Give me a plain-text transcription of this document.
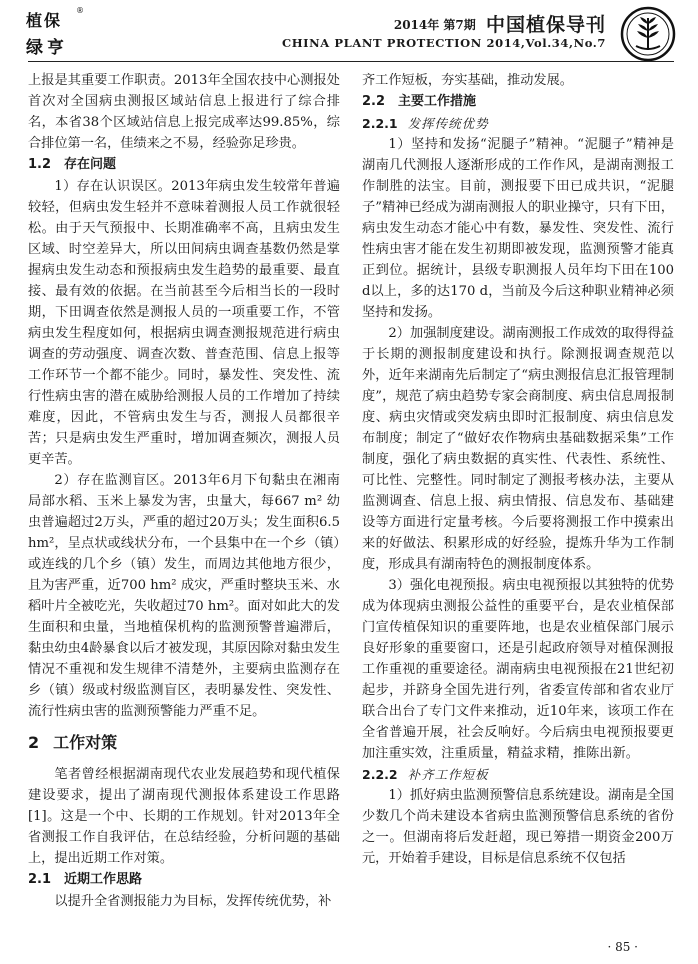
植保
绿亨
®
2014年 第7期 中国植保导刊
CHINA PLANT PROTECTION 2014,Vol.34,No.7

上报是其重要工作职责。2013年全国农技中心测报处首次对全国病虫测报区域站信息上报进行了综合排名，本省38个区域站信息上报完成率达99.85%，综合排位第一名，佳绩来之不易，经验弥足珍贵。

1.2　存在问题

1）存在认识误区。2013年病虫发生较常年普遍较轻，但病虫发生轻并不意味着测报人员工作就很轻松。由于天气预报中、长期准确率不高，且病虫发生区域、时空差异大，所以田间病虫调查基数仍然是掌握病虫发生动态和预报病虫发生趋势的最重要、最直接、最有效的依据。在当前甚至今后相当长的一段时期，下田调查依然是测报人员的一项重要工作，不管病虫发生程度如何，根据病虫调查测报规范进行病虫调查的劳动强度、调查次数、普查范围、信息上报等工作环节一个都不能少。同时，暴发性、突发性、流行性病虫害的潜在威胁给测报人员的工作增加了持续难度，因此，不管病虫发生与否，测报人员都很辛苦；只是病虫发生严重时，增加调查频次，测报人员更辛苦。

2）存在监测盲区。2013年6月下旬黏虫在湘南局部水稻、玉米上暴发为害，虫量大，每667 m² 幼虫普遍超过2万头，严重的超过20万头；发生面积6.5 hm²，呈点状或线状分布，一个县集中在一个乡（镇）或连线的几个乡（镇）发生，而周边其他地方很少，且为害严重，近700 hm² 成灾，严重时整块玉米、水稻叶片全被吃光，失收超过70 hm²。面对如此大的发生面积和虫量，当地植保机构的监测预警普遍滞后，黏虫幼虫4龄暴食以后才被发现，其原因除对黏虫发生情况不重视和发生规律不清楚外，主要病虫监测存在乡（镇）级或村级监测盲区，表明暴发性、突发性、流行性病虫害的监测预警能力严重不足。

2 工作对策

笔者曾经根据湖南现代农业发展趋势和现代植保建设要求，提出了湖南现代测报体系建设工作思路[1]。这是一个中、长期的工作规划。针对2013年全省测报工作自我评估，在总结经验，分析问题的基础上，提出近期工作对策。

2.1　近期工作思路

以提升全省测报能力为目标，发挥传统优势，补

齐工作短板，夯实基础，推动发展。

2.2　主要工作措施
2.2.1 发挥传统优势

1）坚持和发扬“泥腿子”精神。“泥腿子”精神是湖南几代测报人逐渐形成的工作作风，是湖南测报工作制胜的法宝。目前，测报要下田已成共识，“泥腿子”精神已经成为湖南测报人的职业操守，只有下田，病虫发生动态才能心中有数，暴发性、突发性、流行性病虫害才能在发生初期即被发现，监测预警才能真正到位。据统计，县级专职测报人员年均下田在100 d以上，多的达170 d，当前及今后这种职业精神必须坚持和发扬。

2）加强制度建设。湖南测报工作成效的取得得益于长期的测报制度建设和执行。除测报调查规范以外，近年来湖南先后制定了“病虫测报信息汇报管理制度”，规范了病虫趋势专家会商制度、病虫信息周报制度、病虫灾情或突发病虫即时汇报制度、病虫信息发布制度；制定了“做好农作物病虫基础数据采集”工作制度，强化了病虫数据的真实性、代表性、系统性、可比性、完整性。同时制定了测报考核办法，主要从监测调查、信息上报、病虫情报、信息发布、基础建设等方面进行定量考核。今后要将测报工作中摸索出来的好做法、积累形成的好经验，提炼升华为工作制度，形成具有湖南特色的测报制度体系。

3）强化电视预报。病虫电视预报以其独特的优势成为体现病虫测报公益性的重要平台，是农业植保部门宣传植保知识的重要阵地，也是农业植保部门展示良好形象的重要窗口，还是引起政府领导对植保测报工作重视的重要途径。湖南病虫电视预报在21世纪初起步，并跻身全国先进行列，省委宣传部和省农业厅联合出台了专门文件来推动，近10年来，该项工作在全省普遍开展，社会反响好。今后病虫电视预报要更加注重实效，注重质量，精益求精，推陈出新。

2.2.2 补齐工作短板

1）抓好病虫监测预警信息系统建设。湖南是全国少数几个尚未建设本省病虫监测预警信息系统的省份之一。但湖南将后发赶超，现已筹措一期资金200万元，开始着手建设，目标是信息系统不仅包括

· 85 ·
